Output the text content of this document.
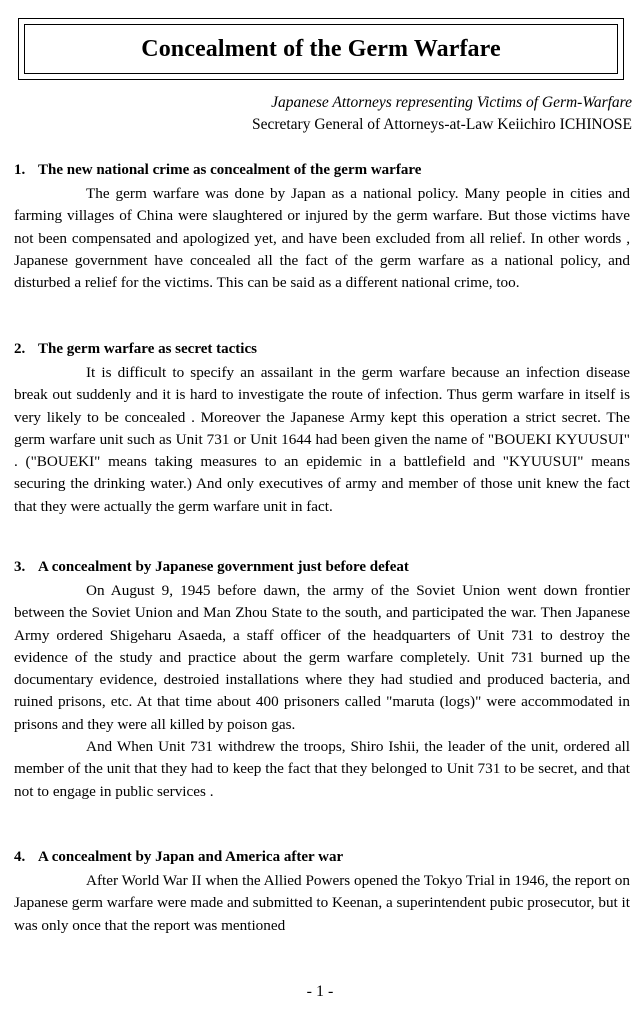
Concealment of the Germ Warfare
Japanese Attorneys representing Victims of Germ-Warfare
Secretary General of Attorneys-at-Law Keiichiro ICHINOSE
1. The new national crime as concealment of the germ warfare

The germ warfare was done by Japan as a national policy. Many people in cities and farming villages of China were slaughtered or injured by the germ warfare. But those victims have not been compensated and apologized yet, and have been excluded from all relief. In other words , Japanese government have concealed all the fact of the germ warfare as a national policy, and disturbed a relief for the victims. This can be said as a different national crime, too.

2. The germ warfare as secret tactics

It is difficult to specify an assailant in the germ warfare because an infection disease break out suddenly and it is hard to investigate the route of infection. Thus germ warfare in itself is very likely to be concealed . Moreover the Japanese Army kept this operation a strict secret. The germ warfare unit such as Unit 731 or Unit 1644 had been given the name of "BOUEKI KYUUSUI" . ("BOUEKI" means taking measures to an epidemic in a battlefield and "KYUUSUI" means securing the drinking water.) And only executives of army and member of those unit knew the fact that they were actually the germ warfare unit in fact.

3. A concealment by Japanese government just before defeat

On August 9, 1945 before dawn, the army of the Soviet Union went down frontier between the Soviet Union and Man Zhou State to the south, and participated the war. Then Japanese Army ordered Shigeharu Asaeda, a staff officer of the headquarters of Unit 731 to destroy the evidence of the study and practice about the germ warfare completely. Unit 731 burned up the documentary evidence, destroied installations where they had studied and produced bacteria, and ruined prisons, etc. At that time about 400 prisoners called "maruta (logs)" were accommodated in prisons and they were all killed by poison gas.

And When Unit 731 withdrew the troops, Shiro Ishii, the leader of the unit, ordered all member of the unit that they had to keep the fact that they belonged to Unit 731 to be secret, and that not to engage in public services .

4. A concealment by Japan and America after war

After World War II when the Allied Powers opened the Tokyo Trial in 1946, the report on Japanese germ warfare were made and submitted to Keenan, a superintendent pubic prosecutor, but it was only once that the report was mentioned

- 1 -
